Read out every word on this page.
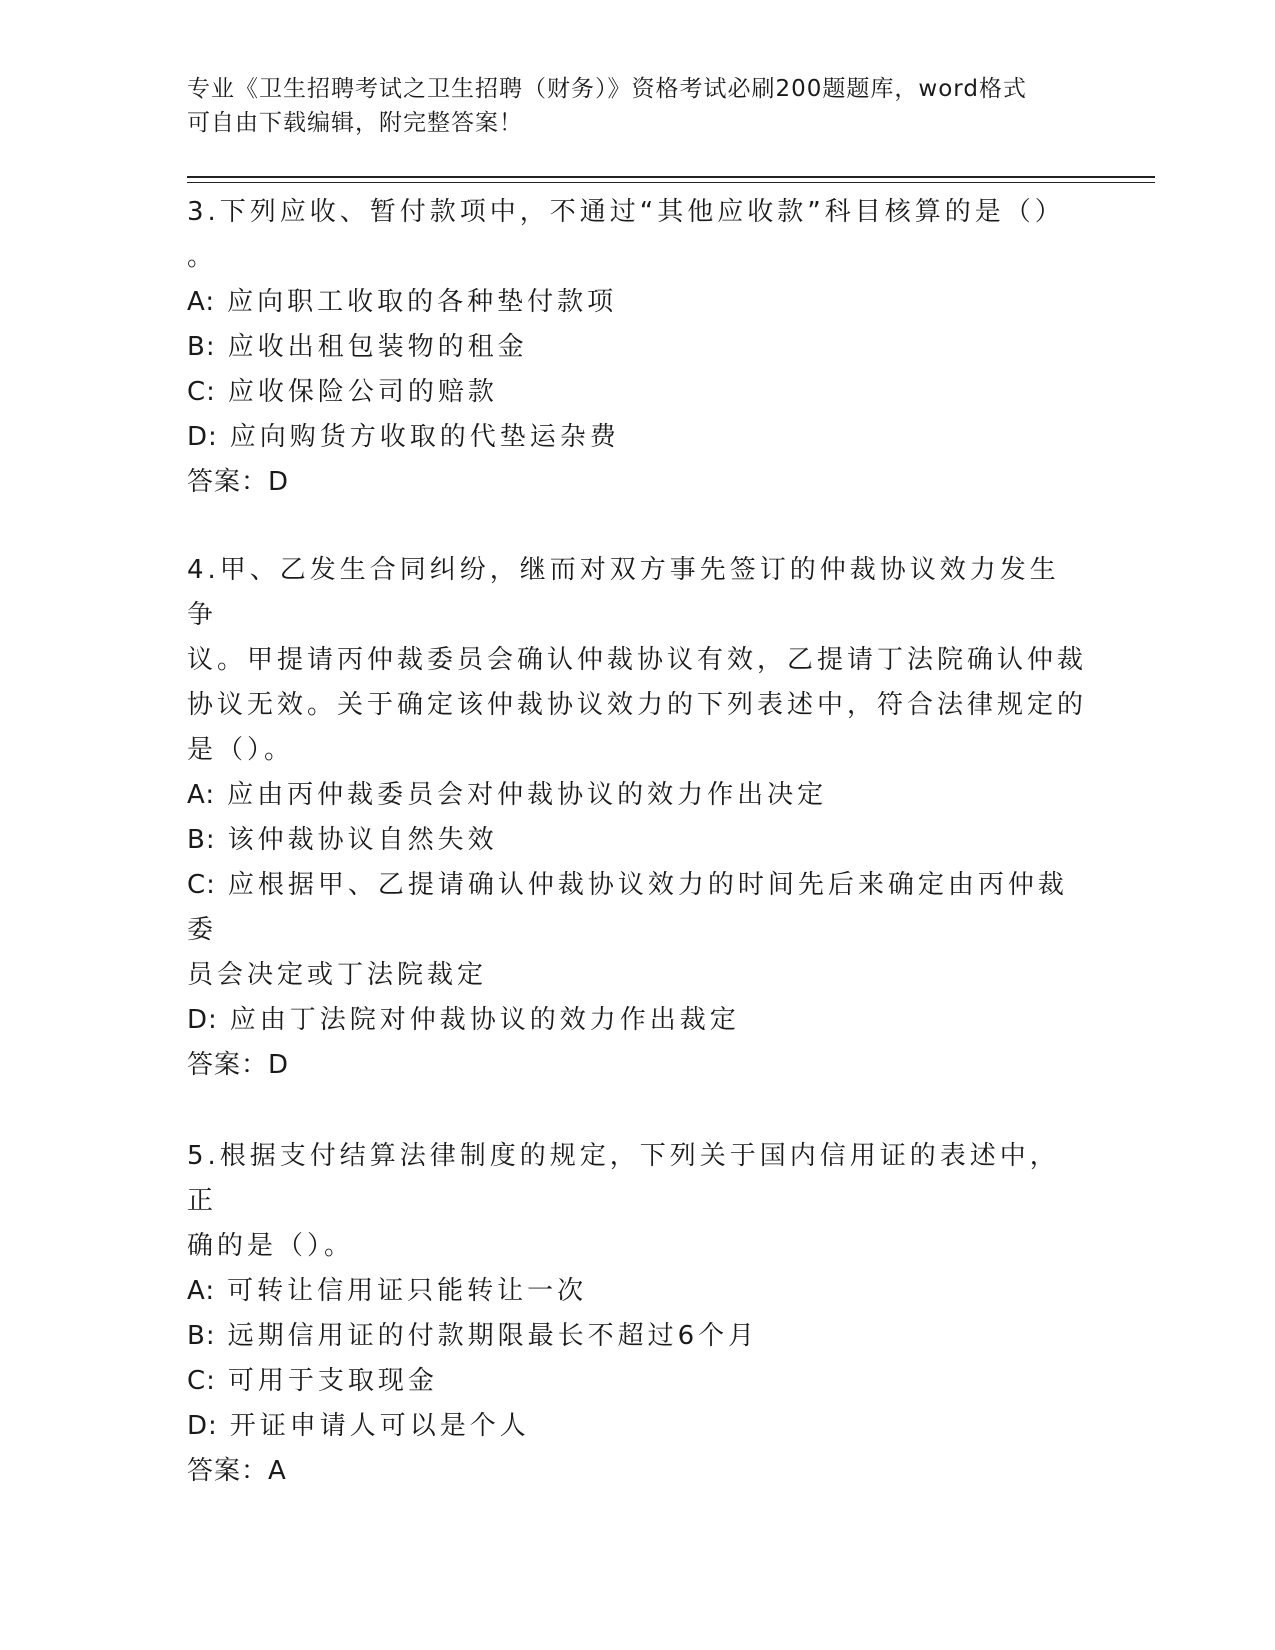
专业《卫生招聘考试之卫生招聘（财务）》资格考试必刷200题题库，word格式
可自由下载编辑，附完整答案！
3.下列应收、暂付款项中，不通过“其他应收款”科目核算的是（）
。
A: 应向职工收取的各种垫付款项
B: 应收出租包装物的租金
C: 应收保险公司的赔款
D: 应向购货方收取的代垫运杂费
答案：D
4.甲、乙发生合同纠纷，继而对双方事先签订的仲裁协议效力发生争
议。甲提请丙仲裁委员会确认仲裁协议有效，乙提请丁法院确认仲裁
协议无效。关于确定该仲裁协议效力的下列表述中，符合法律规定的
是（）。
A: 应由丙仲裁委员会对仲裁协议的效力作出决定
B: 该仲裁协议自然失效
C: 应根据甲、乙提请确认仲裁协议效力的时间先后来确定由丙仲裁委
员会决定或丁法院裁定
D: 应由丁法院对仲裁协议的效力作出裁定
答案：D
5.根据支付结算法律制度的规定，下列关于国内信用证的表述中，正
确的是（）。
A: 可转让信用证只能转让一次
B: 远期信用证的付款期限最长不超过6个月
C: 可用于支取现金
D: 开证申请人可以是个人
答案：A
